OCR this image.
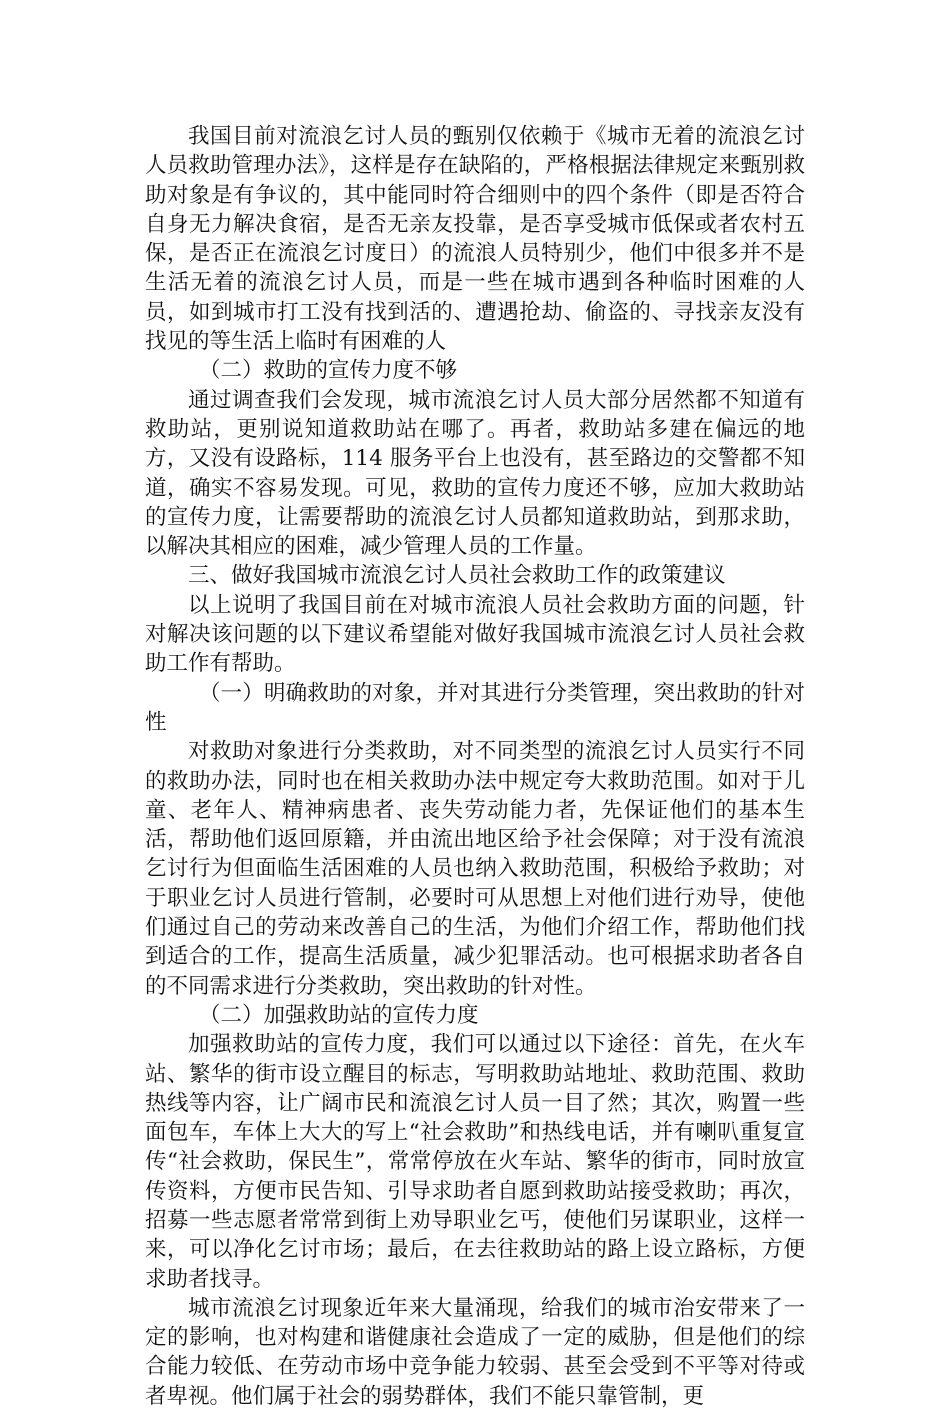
我国目前对流浪乞讨人员的甄别仅依赖于《城市无着的流浪乞讨人员救助管理办法》，这样是存在缺陷的，严格根据法律规定来甄别救助对象是有争议的，其中能同时符合细则中的四个条件（即是否符合自身无力解决食宿，是否无亲友投靠，是否享受城市低保或者农村五保，是否正在流浪乞讨度日）的流浪人员特别少，他们中很多并不是生活无着的流浪乞讨人员，而是一些在城市遇到各种临时困难的人员，如到城市打工没有找到活的、遭遇抢劫、偷盗的、寻找亲友没有找见的等生活上临时有困难的人

（二）救助的宣传力度不够

通过调查我们会发现，城市流浪乞讨人员大部分居然都不知道有救助站，更别说知道救助站在哪了。再者，救助站多建在偏远的地方，又没有设路标，114 服务平台上也没有，甚至路边的交警都不知道，确实不容易发现。可见，救助的宣传力度还不够，应加大救助站的宣传力度，让需要帮助的流浪乞讨人员都知道救助站，到那求助，以解决其相应的困难，减少管理人员的工作量。

三、做好我国城市流浪乞讨人员社会救助工作的政策建议

以上说明了我国目前在对城市流浪人员社会救助方面的问题，针对解决该问题的以下建议希望能对做好我国城市流浪乞讨人员社会救助工作有帮助。

（一）明确救助的对象，并对其进行分类管理，突出救助的针对性

对救助对象进行分类救助，对不同类型的流浪乞讨人员实行不同的救助办法，同时也在相关救助办法中规定夸大救助范围。如对于儿童、老年人、精神病患者、丧失劳动能力者，先保证他们的基本生活，帮助他们返回原籍，并由流出地区给予社会保障；对于没有流浪乞讨行为但面临生活困难的人员也纳入救助范围，积极给予救助；对于职业乞讨人员进行管制，必要时可从思想上对他们进行劝导，使他们通过自己的劳动来改善自己的生活，为他们介绍工作，帮助他们找到适合的工作，提高生活质量，减少犯罪活动。也可根据求助者各自的不同需求进行分类救助，突出救助的针对性。

（二）加强救助站的宣传力度

加强救助站的宣传力度，我们可以通过以下途径：首先，在火车站、繁华的街市设立醒目的标志，写明救助站地址、救助范围、救助热线等内容，让广阔市民和流浪乞讨人员一目了然；其次，购置一些面包车，车体上大大的写上“社会救助”和热线电话，并有喇叭重复宣传“社会救助，保民生”，常常停放在火车站、繁华的街市，同时放宣传资料，方便市民告知、引导求助者自愿到救助站接受救助；再次，招募一些志愿者常常到街上劝导职业乞丐，使他们另谋职业，这样一来，可以净化乞讨市场；最后，在去往救助站的路上设立路标，方便求助者找寻。

城市流浪乞讨现象近年来大量涌现，给我们的城市治安带来了一定的影响，也对构建和谐健康社会造成了一定的威胁，但是他们的综合能力较低、在劳动市场中竞争能力较弱、甚至会受到不平等对待或者卑视。他们属于社会的弱势群体，我们不能只靠管制，更
